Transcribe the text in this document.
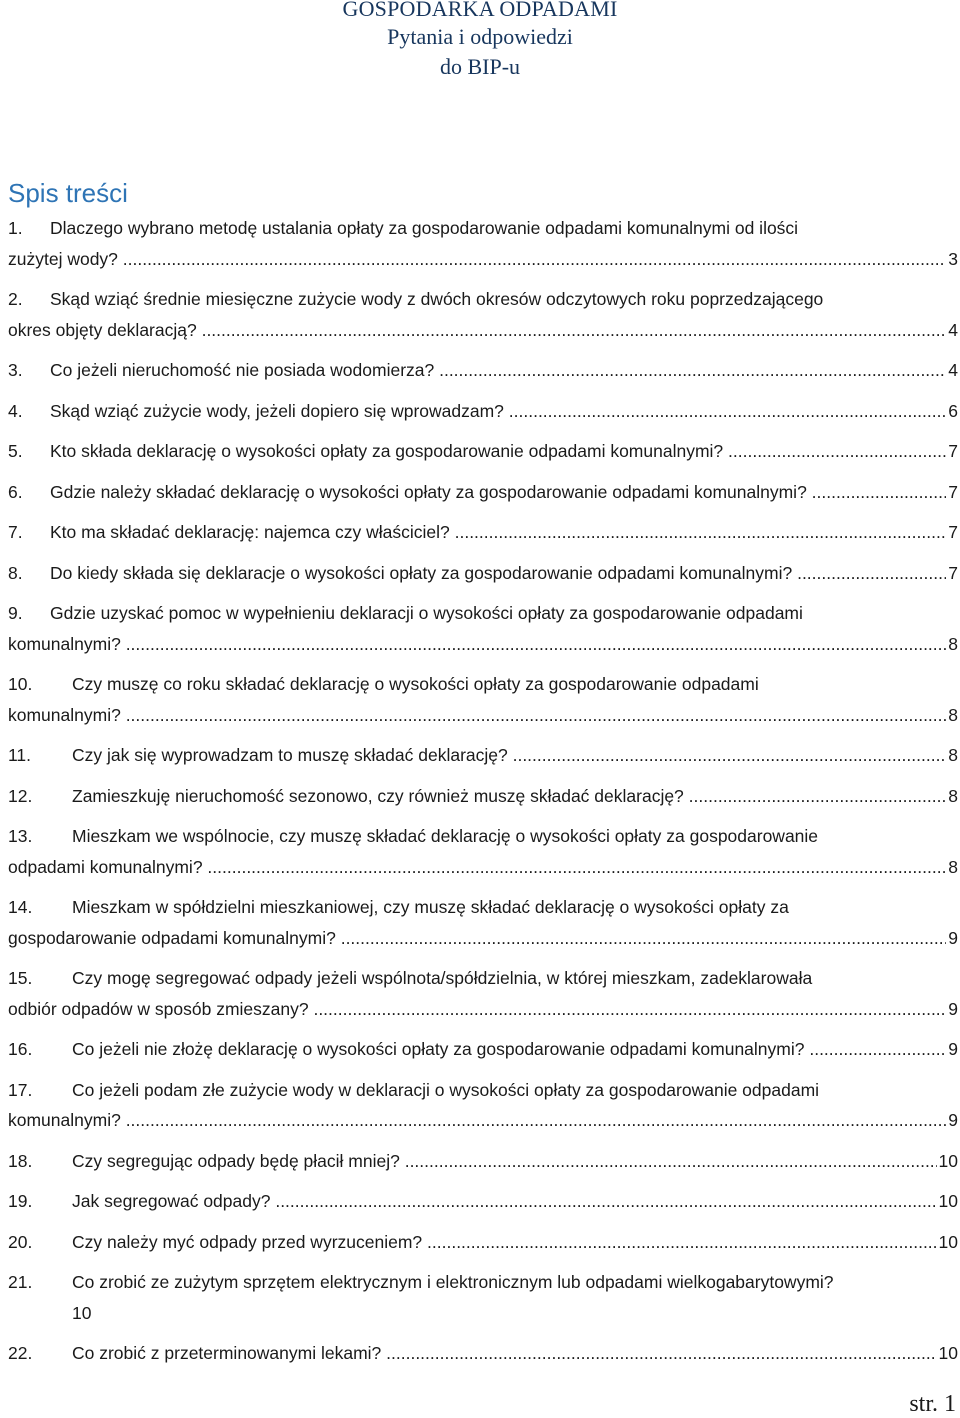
GOSPODARKA ODPADAMI
Pytania i odpowiedzi
do BIP-u
Spis treści
1.	Dlaczego wybrano metodę ustalania opłaty za gospodarowanie odpadami komunalnymi od ilości
zużytej wody? .....	3
2.	Skąd wziąć średnie miesięczne zużycie wody z dwóch okresów odczytowych roku poprzedzającego
okres objęty deklaracją? .....	4
3.	Co jeżeli nieruchomość nie posiada wodomierza? .....	4
4.	Skąd wziąć zużycie wody, jeżeli dopiero się wprowadzam? .....	6
5.	Kto składa deklarację o wysokości opłaty za gospodarowanie odpadami komunalnymi? .....	7
6.	Gdzie należy składać deklarację o wysokości opłaty za gospodarowanie odpadami komunalnymi? .....	7
7.	Kto ma składać deklarację: najemca czy właściciel? .....	7
8.	Do kiedy składa się deklaracje o wysokości opłaty za gospodarowanie odpadami komunalnymi? .....	7
9.	Gdzie uzyskać pomoc w wypełnieniu deklaracji o wysokości opłaty za gospodarowanie odpadami
komunalnymi? .....	8
10.	Czy muszę co roku składać deklarację o wysokości opłaty za gospodarowanie odpadami
komunalnymi? .....	8
11.	Czy jak się wyprowadzam to muszę składać deklarację? .....	8
12.	Zamieszkuję nieruchomość sezonowo, czy również muszę składać deklarację? .....	8
13.	Mieszkam we wspólnocie, czy muszę składać deklarację o wysokości opłaty za gospodarowanie
odpadami komunalnymi? .....	8
14.	Mieszkam w spółdzielni mieszkaniowej, czy muszę składać deklarację o wysokości opłaty za
gospodarowanie odpadami komunalnymi? .....	9
15.	Czy mogę segregować odpady jeżeli wspólnota/spółdzielnia, w której mieszkam, zadeklarowała
odbiór odpadów w sposób zmieszany? .....	9
16.	Co jeżeli nie złożę deklarację o wysokości opłaty za gospodarowanie odpadami komunalnymi? .....	9
17.	Co jeżeli podam złe zużycie wody w deklaracji o wysokości opłaty za gospodarowanie odpadami
komunalnymi? .....	9
18.	Czy segregując odpady będę płacił mniej? .....	10
19.	Jak segregować odpady? .....	10
20.	Czy należy myć odpady przed wyrzuceniem? .....	10
21.	Co zrobić ze zużytym sprzętem elektrycznym i elektronicznym lub odpadami wielkogabarytowymi?
10
22.	Co zrobić z przeterminowanymi lekami? .....	10
str. 1
